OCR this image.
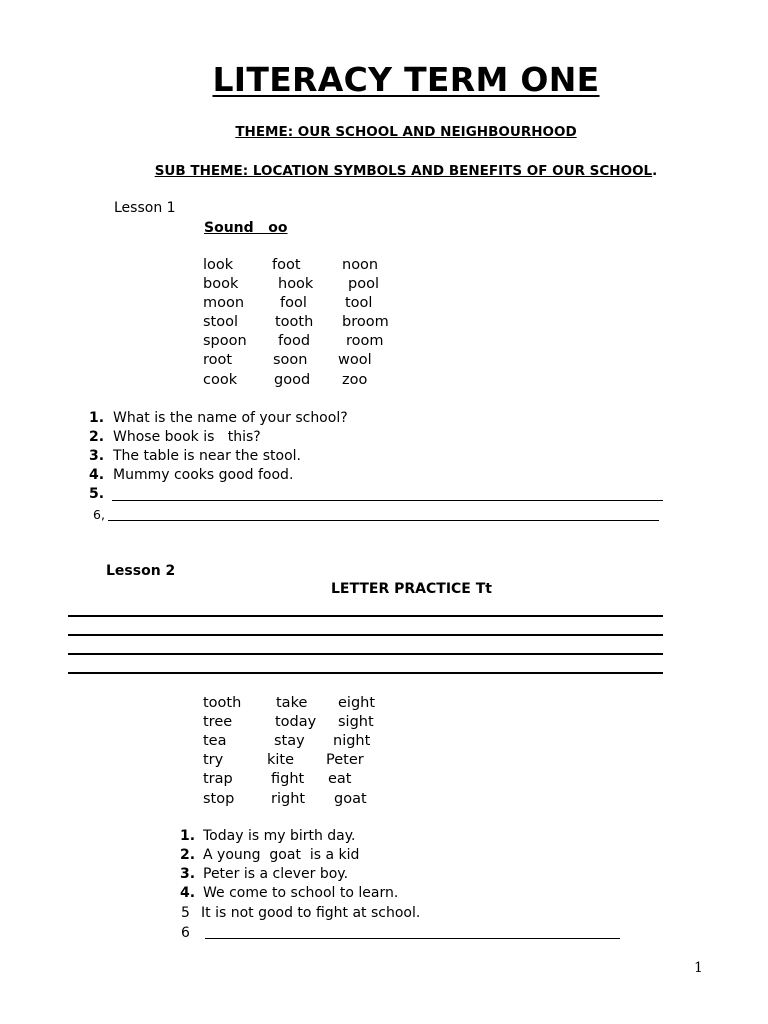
LITERACY TERM ONE
THEME: OUR SCHOOL AND NEIGHBOURHOOD
SUB THEME: LOCATION SYMBOLS AND BENEFITS OF OUR SCHOOL.
Lesson 1
Sound   oo
look	foot	noon
book	hook pool
moon fool	tool
stool	tooth broom
spoon food room
root	soon wool
cook	good zoo
1. What is the name of your school?
2. Whose book is   this?
3. The table is near the stool.
4. Mummy cooks good food.
5.
6,
Lesson 2
LETTER PRACTICE Tt
tooth take eight
tree	today sight
tea	stay night
try	kite Peter
trap	fight eat
stop	right goat
1. Today is my birth day.
2. A young  goat  is a kid
3. Peter is a clever boy.
4. We come to school to learn.
5 It is not good to fight at school.
6
1
